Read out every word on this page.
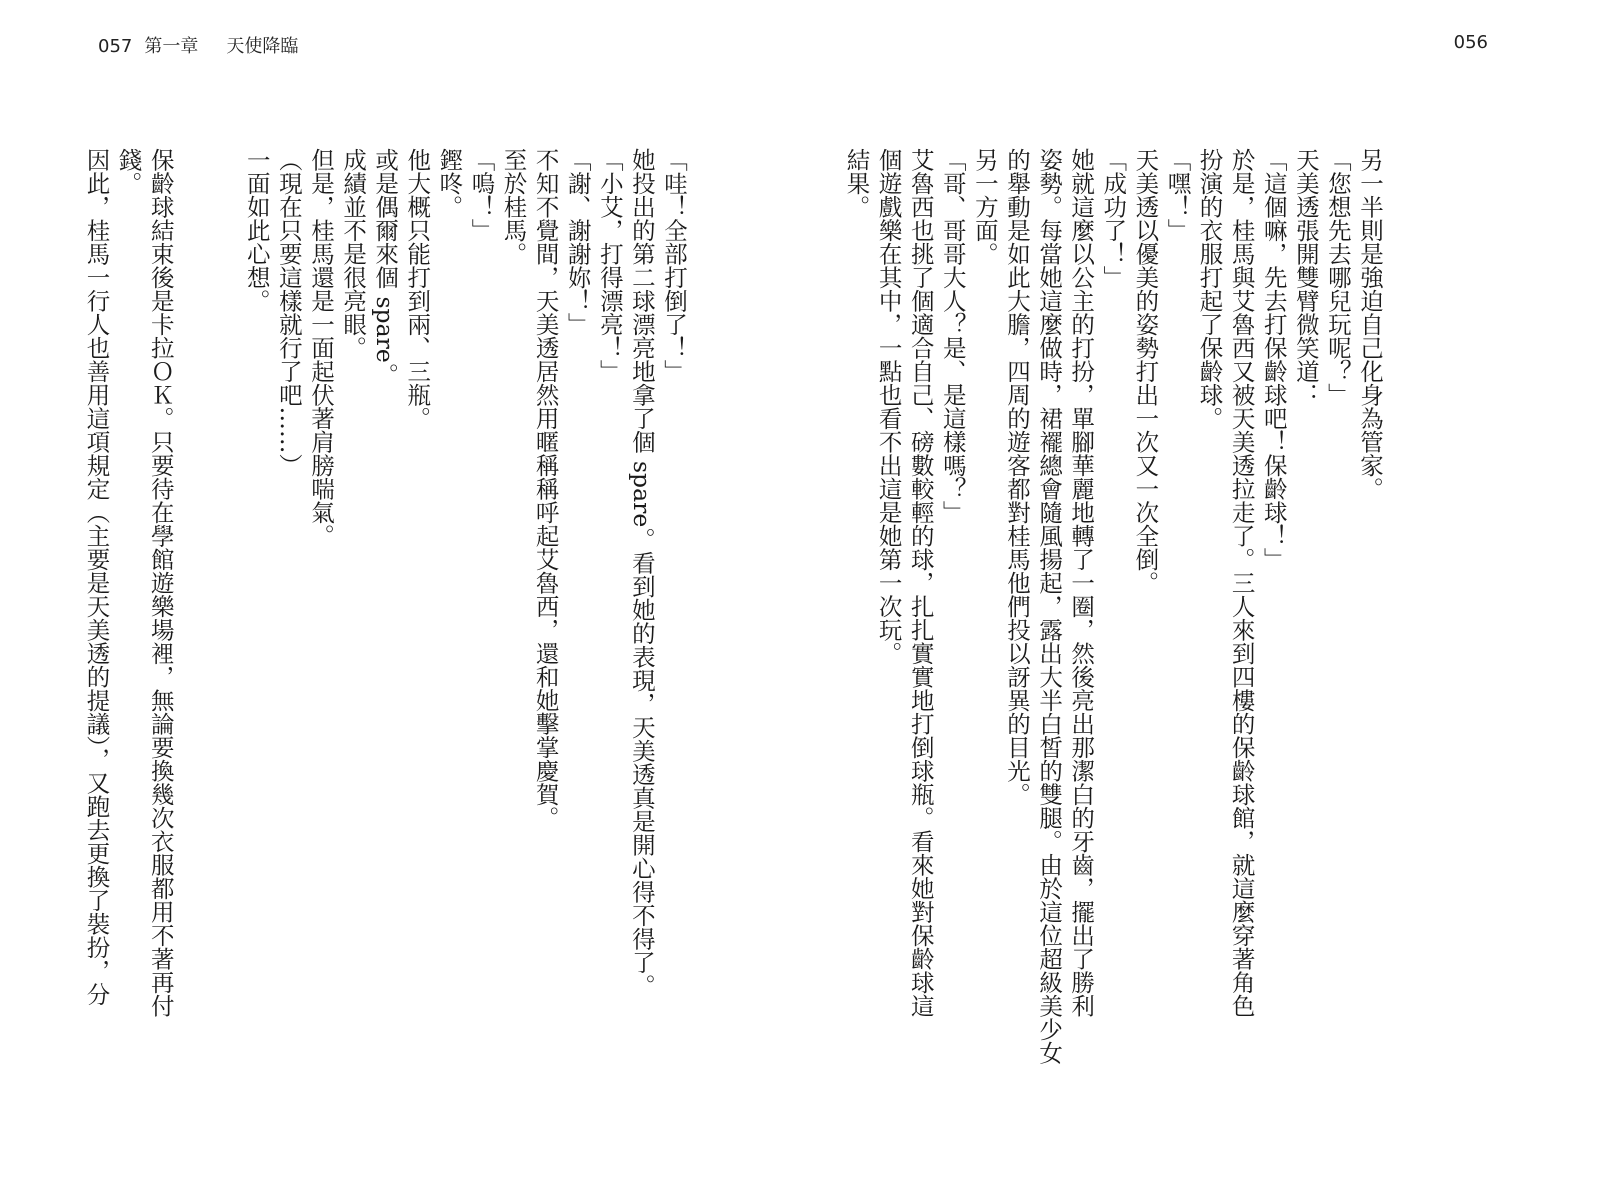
057 第一章 天使降臨	056

另一半則是強迫自己化身為管家。

「您想先去哪兒玩呢？」

天美透張開雙臂微笑道：

「這個嘛，先去打保齡球吧！保齡球！」

於是，桂馬與艾魯西又被天美透拉走了。三人來到四樓的保齡球館，就這麼穿著角色

扮演的衣服打起了保齡球。

「嘿！」

天美透以優美的姿勢打出一次又一次全倒。

「成功了！」

她就這麼以公主的打扮，單腳華麗地轉了一圈，然後亮出那潔白的牙齒，擺出了勝利

姿勢。每當她這麼做時，裙襬總會隨風揚起，露出大半白皙的雙腿。由於這位超級美少女

的舉動是如此大膽，四周的遊客都對桂馬他們投以訝異的目光。

另一方面。

「哥、哥哥大人？是、是這樣嗎？」

艾魯西也挑了個適合自己、磅數較輕的球，扎扎實實地打倒球瓶。看來她對保齡球這

個遊戲樂在其中，一點也看不出這是她第一次玩。

結果。

「哇！全部打倒了！」

她投出的第二球漂亮地拿了個 spare。看到她的表現，天美透真是開心得不得了。

「小艾，打得漂亮！」

「謝、謝謝妳！」

不知不覺間，天美透居然用暱稱稱呼起艾魯西，還和她擊掌慶賀。

至於桂馬。

「嗚！」

鏗咚。

他大概只能打到兩、三瓶。

或是偶爾來個 spare。

成績並不是很亮眼。

但是，桂馬還是一面起伏著肩膀喘氣。

（現在只要這樣就行了吧……）

一面如此心想。

保齡球結束後是卡拉ＯＫ。只要待在學館遊樂場裡，無論要換幾次衣服都用不著再付

錢。

因此，桂馬一行人也善用這項規定（主要是天美透的提議），又跑去更換了裝扮，分
